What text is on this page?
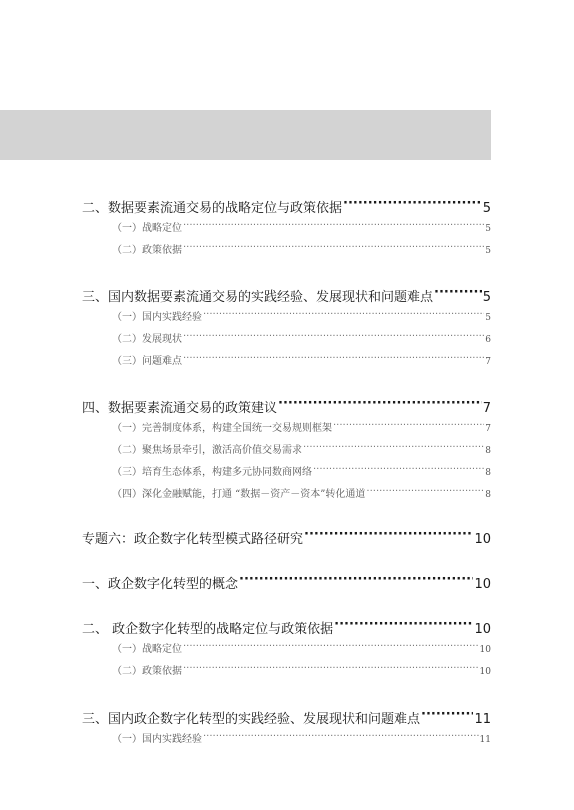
二、数据要素流通交易的战略定位与政策依据 ·····	5
（一）战略定位 ·····	5
（二）政策依据 ·····	5
三、国内数据要素流通交易的实践经验、发展现状和问题难点 ·····	5
（一）国内实践经验 ·····	5
（二）发展现状 ·····	6
（三）问题难点 ·····	7
四、数据要素流通交易的政策建议 ·····	7
（一）完善制度体系，构建全国统一交易规则框架 ·····	7
（二）聚焦场景牵引，激活高价值交易需求 ·····	8
（三）培育生态体系，构建多元协同数商网络 ·····	8
（四）深化金融赋能，打通 “数据－资产－资本”转化通道 ·····	8
专题六：政企数字化转型模式路径研究 ·····	10
一、政企数字化转型的概念 ·····	10
二、 政企数字化转型的战略定位与政策依据 ·····	10
（一）战略定位 ·····	10
（二）政策依据 ·····	10
三、国内政企数字化转型的实践经验、发展现状和问题难点 ·····	11
（一）国内实践经验 ·····	11
